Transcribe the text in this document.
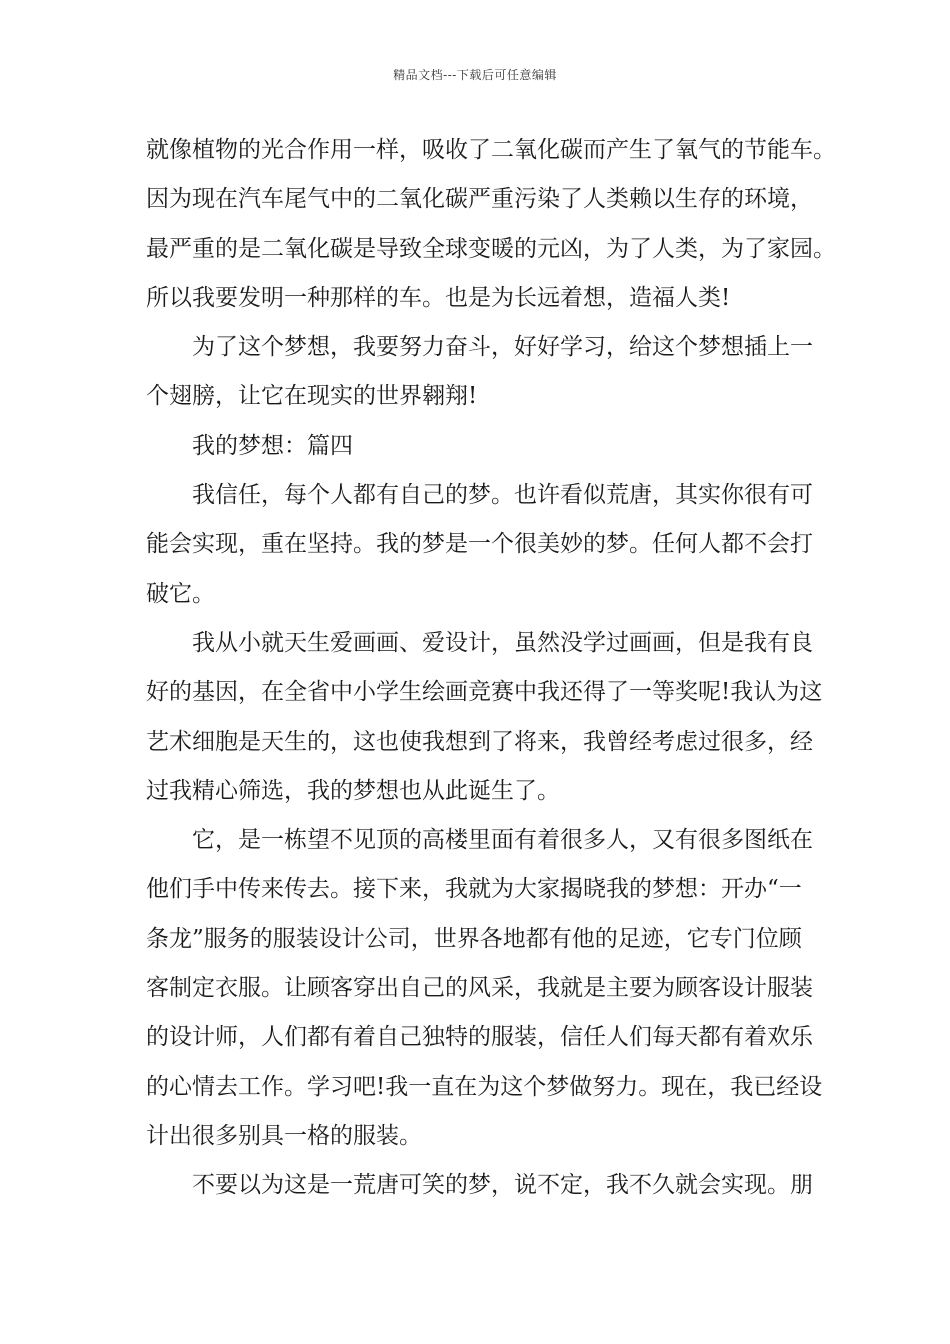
精品文档---下载后可任意编辑
就像植物的光合作用一样，吸收了二氧化碳而产生了氧气的节能车。
因为现在汽车尾气中的二氧化碳严重污染了人类赖以生存的环境，
最严重的是二氧化碳是导致全球变暖的元凶，为了人类，为了家园。
所以我要发明一种那样的车。也是为长远着想，造福人类!
为了这个梦想，我要努力奋斗，好好学习，给这个梦想插上一
个翅膀，让它在现实的世界翱翔!
我的梦想：篇四
我信任，每个人都有自己的梦。也许看似荒唐，其实你很有可
能会实现，重在坚持。我的梦是一个很美妙的梦。任何人都不会打
破它。
我从小就天生爱画画、爱设计，虽然没学过画画，但是我有良
好的基因，在全省中小学生绘画竞赛中我还得了一等奖呢!我认为这
艺术细胞是天生的，这也使我想到了将来，我曾经考虑过很多，经
过我精心筛选，我的梦想也从此诞生了。
它，是一栋望不见顶的高楼里面有着很多人，又有很多图纸在
他们手中传来传去。接下来，我就为大家揭晓我的梦想：开办“一
条龙”服务的服装设计公司，世界各地都有他的足迹，它专门位顾
客制定衣服。让顾客穿出自己的风采，我就是主要为顾客设计服装
的设计师，人们都有着自己独特的服装，信任人们每天都有着欢乐
的心情去工作。学习吧!我一直在为这个梦做努力。现在，我已经设
计出很多别具一格的服装。
不要以为这是一荒唐可笑的梦，说不定，我不久就会实现。朋
